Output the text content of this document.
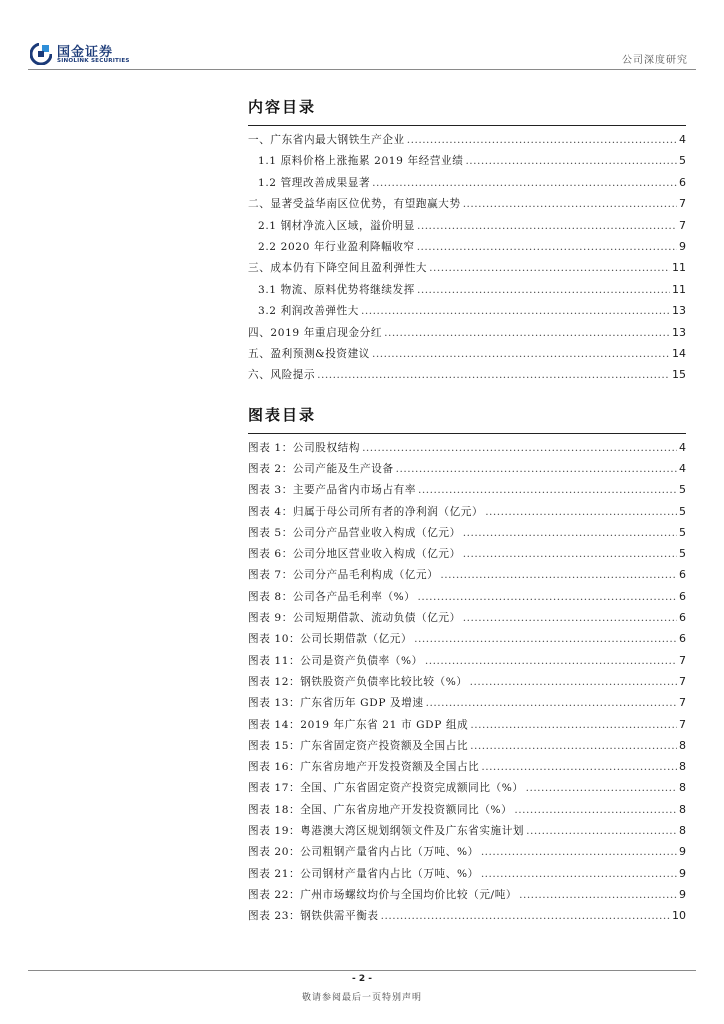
国金证券
SINOLINK SECURITIES	公司深度研究
内容目录
一、广东省内最大钢铁生产企业 .....	4
1.1 原料价格上涨拖累 2019 年经营业绩 .....	5
1.2 管理改善成果显著 .....	6
二、显著受益华南区位优势，有望跑赢大势 .....	7
2.1 钢材净流入区域，溢价明显 .....	7
2.2 2020 年行业盈利降幅收窄 .....	9
三、成本仍有下降空间且盈利弹性大 .....	11
3.1 物流、原料优势将继续发挥 .....	11
3.2 利润改善弹性大 .....	13
四、2019 年重启现金分红 .....	13
五、盈利预测&投资建议 .....	14
六、风险提示 .....	15
图表目录
图表 1：公司股权结构 .....	4
图表 2：公司产能及生产设备 .....	4
图表 3：主要产品省内市场占有率 .....	5
图表 4：归属于母公司所有者的净利润（亿元） .....	5
图表 5：公司分产品营业收入构成（亿元） .....	5
图表 6：公司分地区营业收入构成（亿元） .....	5
图表 7：公司分产品毛利构成（亿元） .....	6
图表 8：公司各产品毛利率（%） .....	6
图表 9：公司短期借款、流动负债（亿元） .....	6
图表 10：公司长期借款（亿元） .....	6
图表 11：公司是资产负债率（%） .....	7
图表 12：钢铁股资产负债率比较比较（%） .....	7
图表 13：广东省历年 GDP 及增速 .....	7
图表 14：2019 年广东省 21 市 GDP 组成 .....	7
图表 15：广东省固定资产投资额及全国占比 .....	8
图表 16：广东省房地产开发投资额及全国占比 .....	8
图表 17：全国、广东省固定资产投资完成额同比（%） .....	8
图表 18：全国、广东省房地产开发投资额同比（%） .....	8
图表 19：粤港澳大湾区规划纲领文件及广东省实施计划 .....	8
图表 20：公司粗钢产量省内占比（万吨、%） .....	9
图表 21：公司钢材产量省内占比（万吨、%） .....	9
图表 22：广州市场螺纹均价与全国均价比较（元/吨） .....	9
图表 23：钢铁供需平衡表 .....	10
- 2 -
敬请参阅最后一页特别声明
